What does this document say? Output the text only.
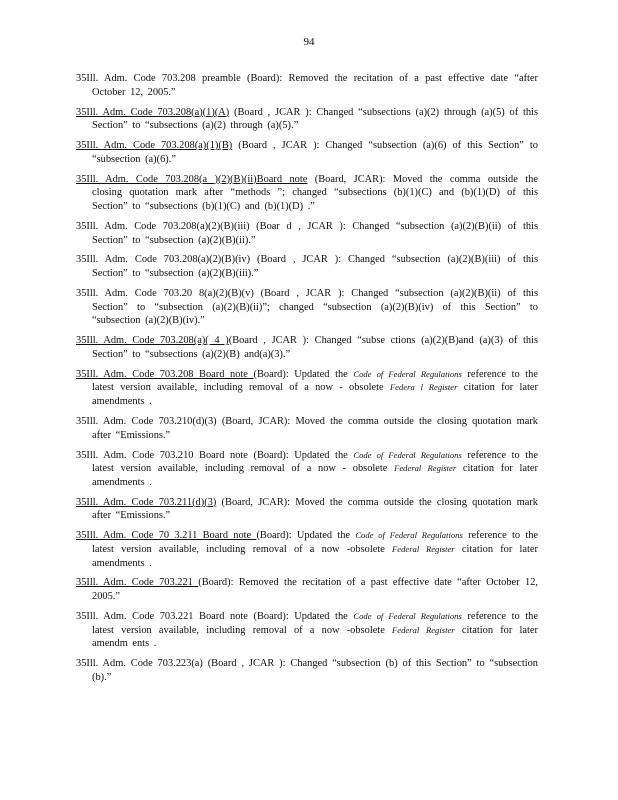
94

35Ill. Adm. Code 703.208 preamble (Board): Removed the recitation of a past effective date “after October 12, 2005.”

35Ill. Adm. Code 703.208(a)(1)(A) (Board , JCAR ): Changed “subsections (a)(2) through (a)(5) of this Section” to “subsections (a)(2) through (a)(5).”

35Ill. Adm. Code 703.208(a)(1)(B) (Board , JCAR ): Changed “subsection (a)(6) of this Section” to “subsection (a)(6).”

35Ill. Adm. Code 703.208(a )(2)(B)(ii)Board note (Board, JCAR): Moved the comma outside the closing quotation mark after “methods ”; changed “subsections (b)(1)(C) and (b)(1)(D) of this Section” to “subsections (b)(1)(C) and (b)(1)(D) .”

35Ill. Adm. Code 703.208(a)(2)(B)(iii) (Boar d , JCAR ): Changed “subsection (a)(2)(B)(ii) of this Section” to “subsection (a)(2)(B)(ii).”

35Ill. Adm. Code 703.208(a)(2)(B)(iv) (Board , JCAR ): Changed “subsection (a)(2)(B)(iii) of this Section” to “subsection (a)(2)(B)(iii).”

35Ill. Adm. Code 703.20 8(a)(2)(B)(v) (Board , JCAR ): Changed “subsection (a)(2)(B)(ii) of this Section” to “subsection (a)(2)(B)(ii)”; changed “subsection (a)(2)(B)(iv) of this Section” to “subsection (a)(2)(B)(iv).”

35Ill. Adm. Code 703.208(a)( 4 )(Board , JCAR ): Changed “subse ctions (a)(2)(B)and (a)(3) of this Section” to “subsections (a)(2)(B) and(a)(3).”

35Ill. Adm. Code 703.208 Board note (Board): Updated the Code of Federal Regulations reference to the latest version available, including removal of a now - obsolete Federa l Register citation for later amendments .

35Ill. Adm. Code 703.210(d)(3) (Board, JCAR): Moved the comma outside the closing quotation mark after “Emissions.”

35Ill. Adm. Code 703.210 Board note (Board): Updated the Code of Federal Regulations reference to the latest version available, including removal of a now - obsolete Federal Register citation for later amendments .

35Ill. Adm. Code 703.211(d)(3) (Board, JCAR): Moved the comma outside the closing quotation mark after “Emissions.”

35Ill. Adm. Code 70 3.211 Board note (Board): Updated the Code of Federal Regulations reference to the latest version available, including removal of a now -obsolete Federal Register citation for later amendments .

35Ill. Adm. Code 703.221 (Board): Removed the recitation of a past effective date “after October 12, 2005.”

35Ill. Adm. Code 703.221 Board note (Board): Updated the Code of Federal Regulations reference to the latest version available, including removal of a now -obsolete Federal Register citation for later amendm ents .

35Ill. Adm. Code 703.223(a) (Board , JCAR ): Changed “subsection (b) of this Section” to “subsection (b).”
